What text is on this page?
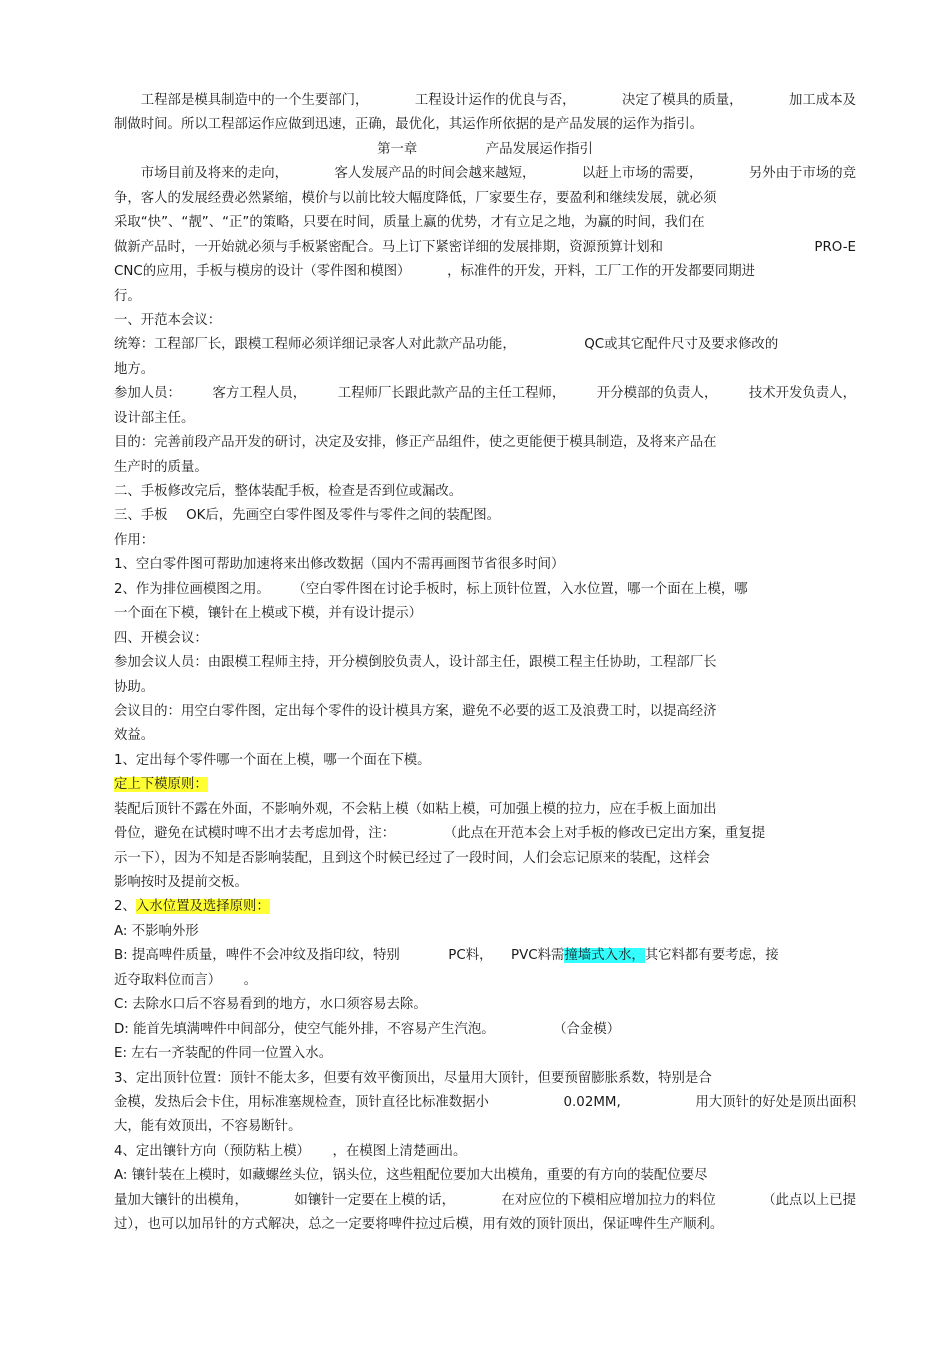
　　工程部是模具制造中的一个生要部门，	工程设计运作的优良与否，	决定了模具的质量，	加工成本及
制做时间。所以工程部运作应做到迅速，正确，最优化，其运作所依据的是产品发展的运作为指引。
第一章	产品发展运作指引
　　市场目前及将来的走向，	客人发展产品的时间会越来越短，	以赶上市场的需要，	另外由于市场的竞
争，客人的发展经费必然紧缩，模价与以前比较大幅度降低，厂家要生存，要盈利和继续发展，就必须
采取“快”、“靓”、“正”的策略，只要在时间，质量上赢的优势，才有立足之地，为赢的时间，我们在
做新产品时，一开始就必须与手板紧密配合。马上订下紧密详细的发展排期，资源预算计划和	PRO-E
CNC的应用，手板与模房的设计（零件图和模图）	，标准件的开发，开料，工厂工作的开发都要同期进
行。
一、开范本会议：
统筹：工程部厂长，跟模工程师必须详细记录客人对此款产品功能，	QC或其它配件尺寸及要求修改的
地方。
参加人员： 客方工程人员， 工程师厂长跟此款产品的主任工程师， 开分模部的负责人， 技术开发负责人，
设计部主任。
目的：完善前段产品开发的研讨，决定及安排，修正产品组件，使之更能便于模具制造，及将来产品在
生产时的质量。
二、手板修改完后，整体装配手板，检查是否到位或漏改。
三、手板 OK后，先画空白零件图及零件与零件之间的装配图。
作用：
1、空白零件图可帮助加速将来出修改数据（国内不需再画图节省很多时间）
2、作为排位画模图之用。 （空白零件图在讨论手板时，标上顶针位置，入水位置，哪一个面在上模，哪
一个面在下模，镶针在上模或下模，并有设计提示）
四、开模会议：
参加会议人员：由跟模工程师主持，开分模倒胶负责人，设计部主任，跟模工程主任协助，工程部厂长
协助。
会议目的：用空白零件图，定出每个零件的设计模具方案，避免不必要的返工及浪费工时，以提高经济
效益。
1、定出每个零件哪一个面在上模，哪一个面在下模。
定上下模原则：
装配后顶针不露在外面，不影响外观，不会粘上模（如粘上模，可加强上模的拉力，应在手板上面加出
骨位，避免在试模时啤不出才去考虑加骨，注：	（此点在开范本会上对手板的修改已定出方案，重复提
示一下），因为不知是否影响装配，且到这个时候已经过了一段时间，人们会忘记原来的装配，这样会
影响按时及提前交板。
2、入水位置及选择原则：
A: 不影响外形
B: 提高啤件质量，啤件不会冲纹及指印纹，特别	PC料， PVC料需撞墙式入水，其它料都有要考虑，接
近夺取料位而言） 。
C: 去除水口后不容易看到的地方，水口须容易去除。
D: 能首先填满啤件中间部分，使空气能外排，不容易产生汽泡。	（合金模）
E: 左右一齐装配的件同一位置入水。
3、定出顶针位置：顶针不能太多，但要有效平衡顶出，尽量用大顶针，但要预留膨胀系数，特别是合
金模，发热后会卡住，用标准塞规检查，顶针直径比标准数据小	0.02MM,	用大顶针的好处是顶出面积
大，能有效顶出，不容易断针。
4、定出镶针方向（预防粘上模） ，在模图上清楚画出。
A: 镶针装在上模时，如藏螺丝头位，锅头位，这些粗配位要加大出模角，重要的有方向的装配位要尽
量加大镶针的出模角，	如镶针一定要在上模的话，	在对应位的下模相应增加拉力的料位	（此点以上已提
过），也可以加吊针的方式解决，总之一定要将啤件拉过后模，用有效的顶针顶出，保证啤件生产顺利。
